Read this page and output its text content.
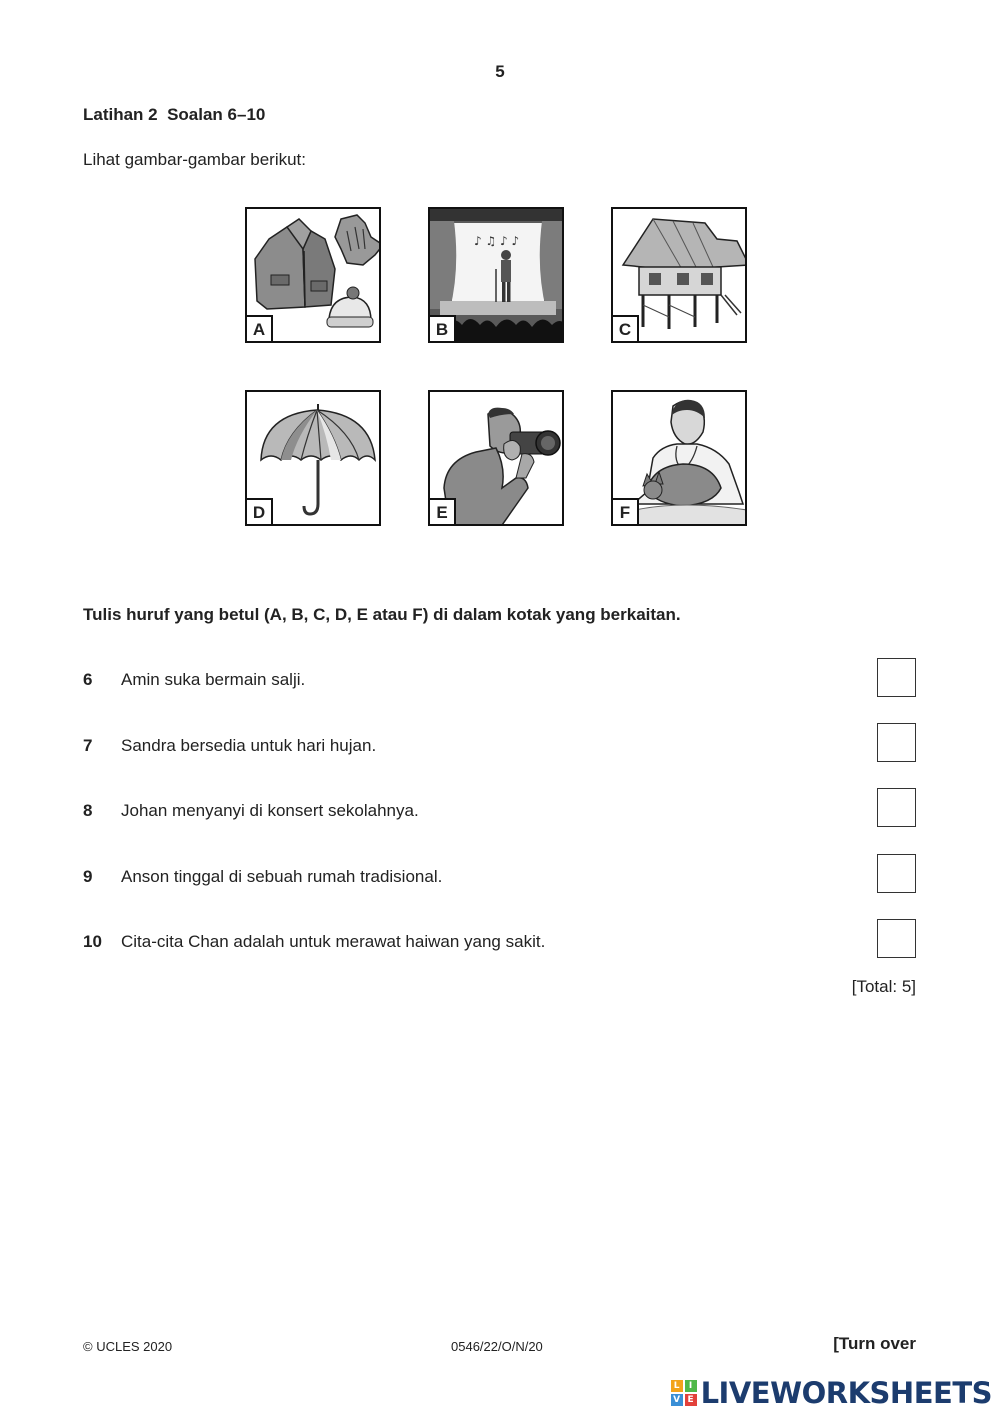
5
Latihan 2  Soalan 6–10
Lihat gambar-gambar berikut:
A
♪ ♫ ♪ ♪
B	C
D	E	F
Tulis huruf yang betul (A, B, C, D, E atau F) di dalam kotak yang berkaitan.
6 Amin suka bermain salji.
7 Sandra bersedia untuk hari hujan.
8 Johan menyanyi di konsert sekolahnya.
9 Anson tinggal di sebuah rumah tradisional.
10 Cita-cita Chan adalah untuk merawat haiwan yang sakit.
[Total: 5]
© UCLES 2020	0546/22/O/N/20	[Turn over
L	I
V E LIVEWORKSHEETS
